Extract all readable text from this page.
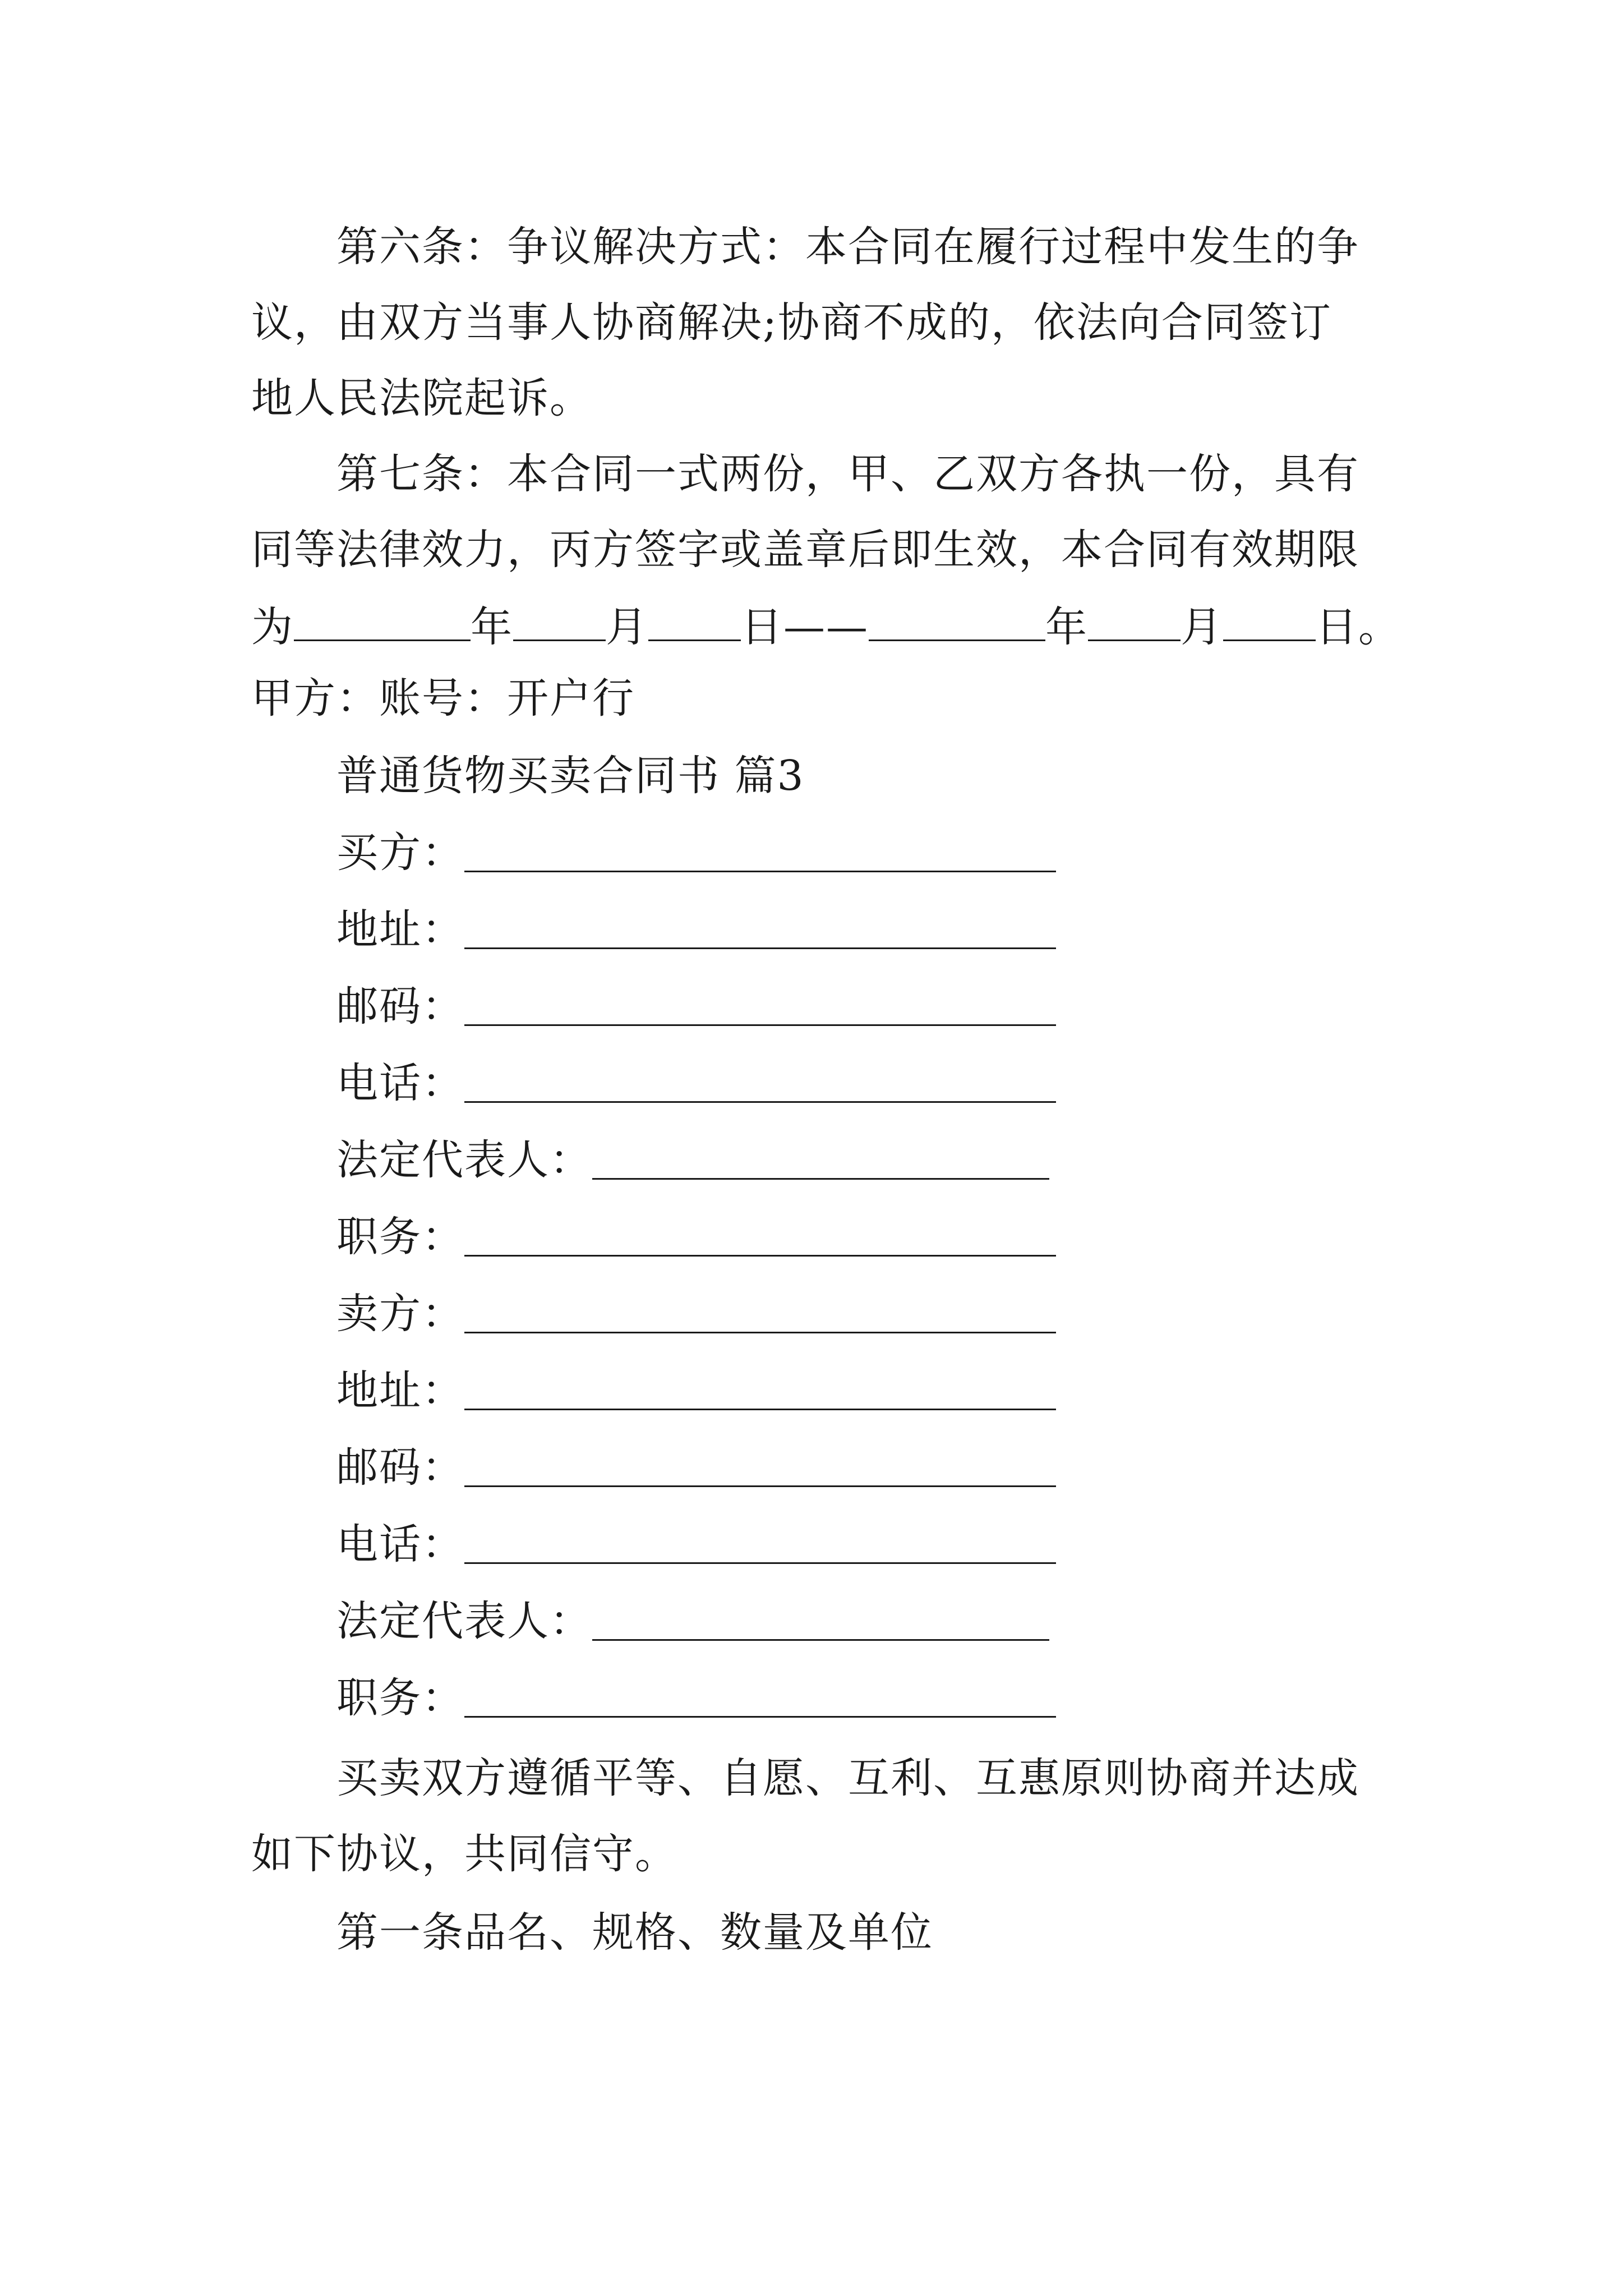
第六条：争议解决方式：本合同在履行过程中发生的争
议，由双方当事人协商解决;协商不成的，依法向合同签订
地人民法院起诉。
第七条：本合同一式两份，甲、乙双方各执一份，具有
同等法律效力，丙方签字或盖章后即生效，本合同有效期限
为	年 月 日——	年 月 日。
甲方：账号：开户行
普通货物买卖合同书 篇3
买方：
地址：
邮码：
电话：
法定代表人：
职务：
卖方：
地址：
邮码：
电话：
法定代表人：
职务：
买卖双方遵循平等、自愿、互利、互惠原则协商并达成
如下协议，共同信守。
第一条品名、规格、数量及单位
